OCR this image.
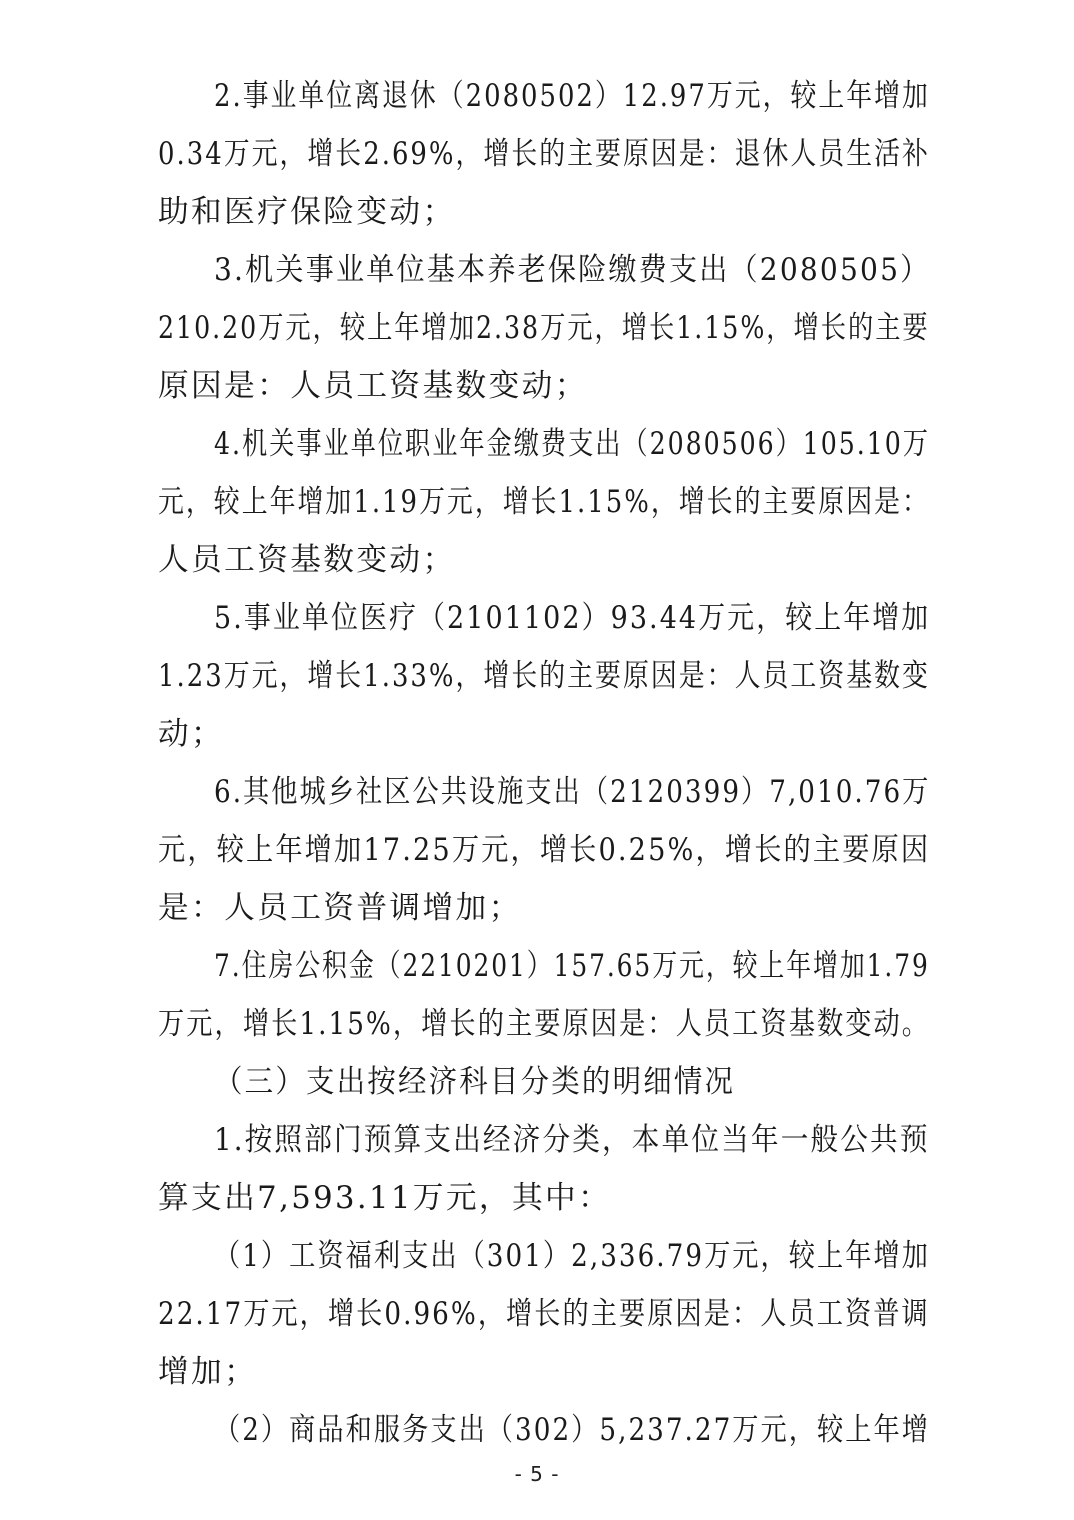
2.事业单位离退休（2080502）12.97万元，较上年增加
0.34万元，增长2.69%，增长的主要原因是：退休人员生活补
助和医疗保险变动；
3.机关事业单位基本养老保险缴费支出（2080505）
210.20万元，较上年增加2.38万元，增长1.15%，增长的主要
原因是：人员工资基数变动；
4.机关事业单位职业年金缴费支出（2080506）105.10万
元，较上年增加1.19万元，增长1.15%，增长的主要原因是：
人员工资基数变动；
5.事业单位医疗（2101102）93.44万元，较上年增加
1.23万元，增长1.33%，增长的主要原因是：人员工资基数变
动；
6.其他城乡社区公共设施支出（2120399）7,010.76万
元，较上年增加17.25万元，增长0.25%，增长的主要原因
是：人员工资普调增加；
7.住房公积金（2210201）157.65万元，较上年增加1.79
万元，增长1.15%，增长的主要原因是：人员工资基数变动。
（三）支出按经济科目分类的明细情况
1.按照部门预算支出经济分类，本单位当年一般公共预
算支出7,593.11万元，其中：
（1）工资福利支出（301）2,336.79万元，较上年增加
22.17万元，增长0.96%，增长的主要原因是：人员工资普调
增加；
（2）商品和服务支出（302）5,237.27万元，较上年增
- 5 -
